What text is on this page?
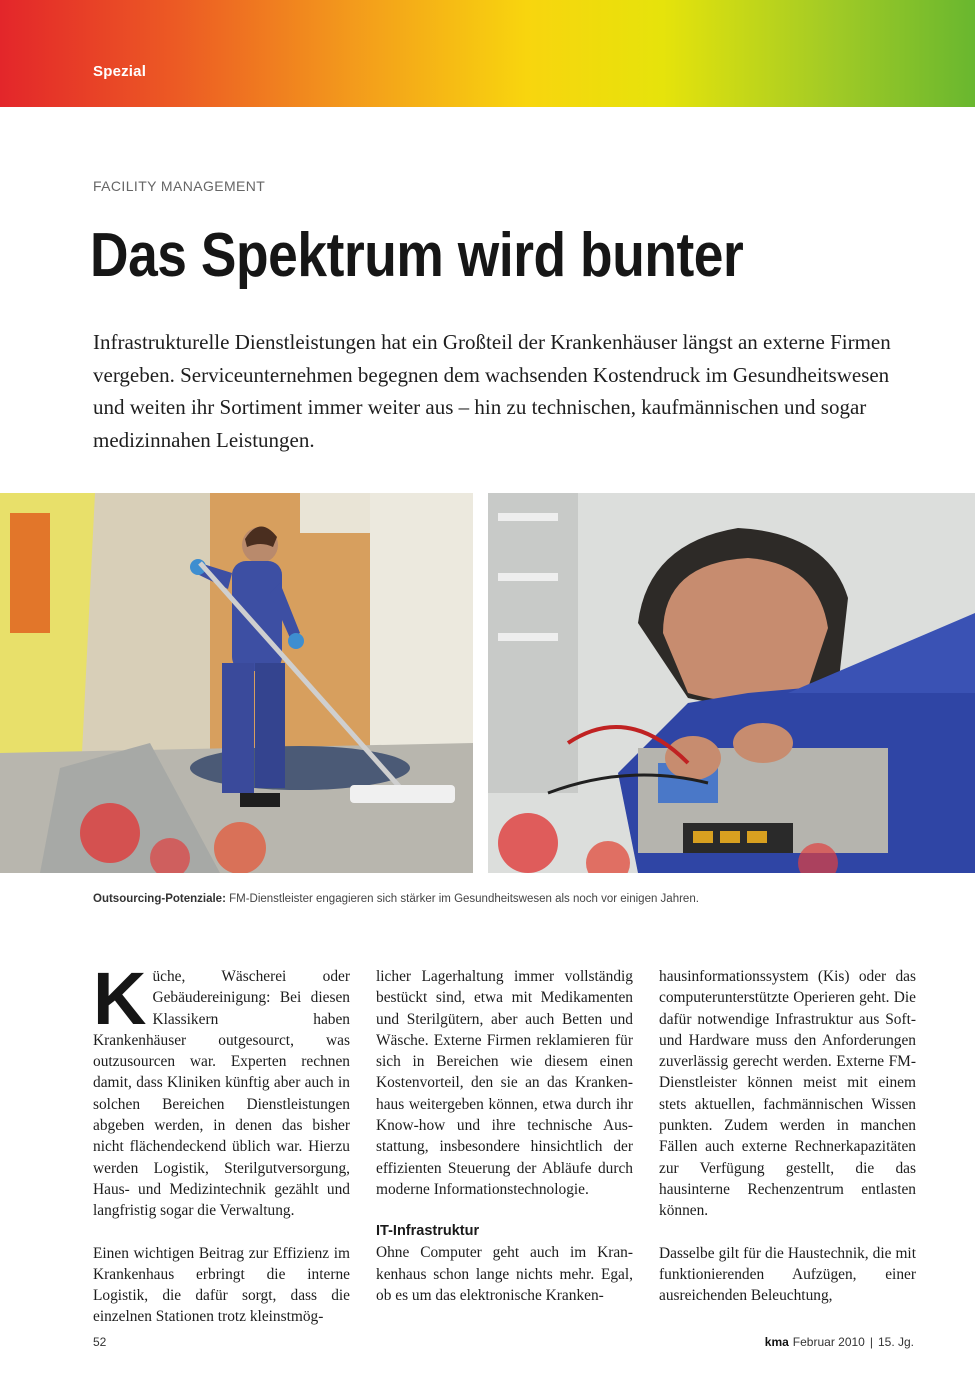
Spezial

FACILITY MANAGEMENT

Das Spektrum wird bunter

Infrastrukturelle Dienstleistungen hat ein Großteil der Krankenhäuser längst an externe Firmen vergeben. Serviceunternehmen begegnen dem wachsenden Kostendruck im Gesundheitswesen und weiten ihr Sortiment immer weiter aus – hin zu technischen, kaufmännischen und sogar medizinnahen Leistungen.

Outsourcing-Potenziale: FM-Dienstleister engagieren sich stärker im Gesundheitswesen als noch vor einigen Jahren.

Küche, Wäscherei oder Gebäudereinigung: Bei diesen Klassikern haben Krankenhäuser outgesourct, was outzusourcen war. Experten rechnen damit, dass Kliniken künftig aber auch in solchen Bereichen Dienstleistungen abgeben werden, in denen das bisher nicht flächendeckend üblich war. Hierzu werden Logistik, Sterilgutversorgung, Haus- und Medizintechnik gezählt und langfristig sogar die Verwaltung.

Einen wichtigen Beitrag zur Effizienz im Krankenhaus erbringt die interne Logistik, die dafür sorgt, dass die einzelnen Stationen trotz kleinstmög-

licher Lagerhaltung immer vollständig bestückt sind, etwa mit Medikamenten und Sterilgütern, aber auch Betten und Wäsche. Externe Firmen reklamieren für sich in Bereichen wie diesem einen Kostenvorteil, den sie an das Krankenhaus weitergeben können, etwa durch ihr Know-how und ihre technische Ausstattung, insbesondere hinsichtlich der effizienten Steuerung der Abläufe durch moderne Informationstechnologie.

IT-Infrastruktur

Ohne Computer geht auch im Krankenhaus schon lange nichts mehr. Egal, ob es um das elektronische Kranken-

hausinformationssystem (Kis) oder das computerunterstützte Operieren geht. Die dafür notwendige Infrastruktur aus Soft- und Hardware muss den Anforderungen zuverlässig gerecht werden. Externe FM-Dienstleister können meist mit einem stets aktuellen, fachmännischen Wissen punkten. Zudem werden in manchen Fällen auch externe Rechnerkapazitäten zur Verfügung gestellt, die das hausinterne Rechenzentrum entlasten können.

Dasselbe gilt für die Haustechnik, die mit funktionierenden Aufzügen, einer ausreichenden Beleuchtung,

52	kma Februar 2010 | 15. Jg.
